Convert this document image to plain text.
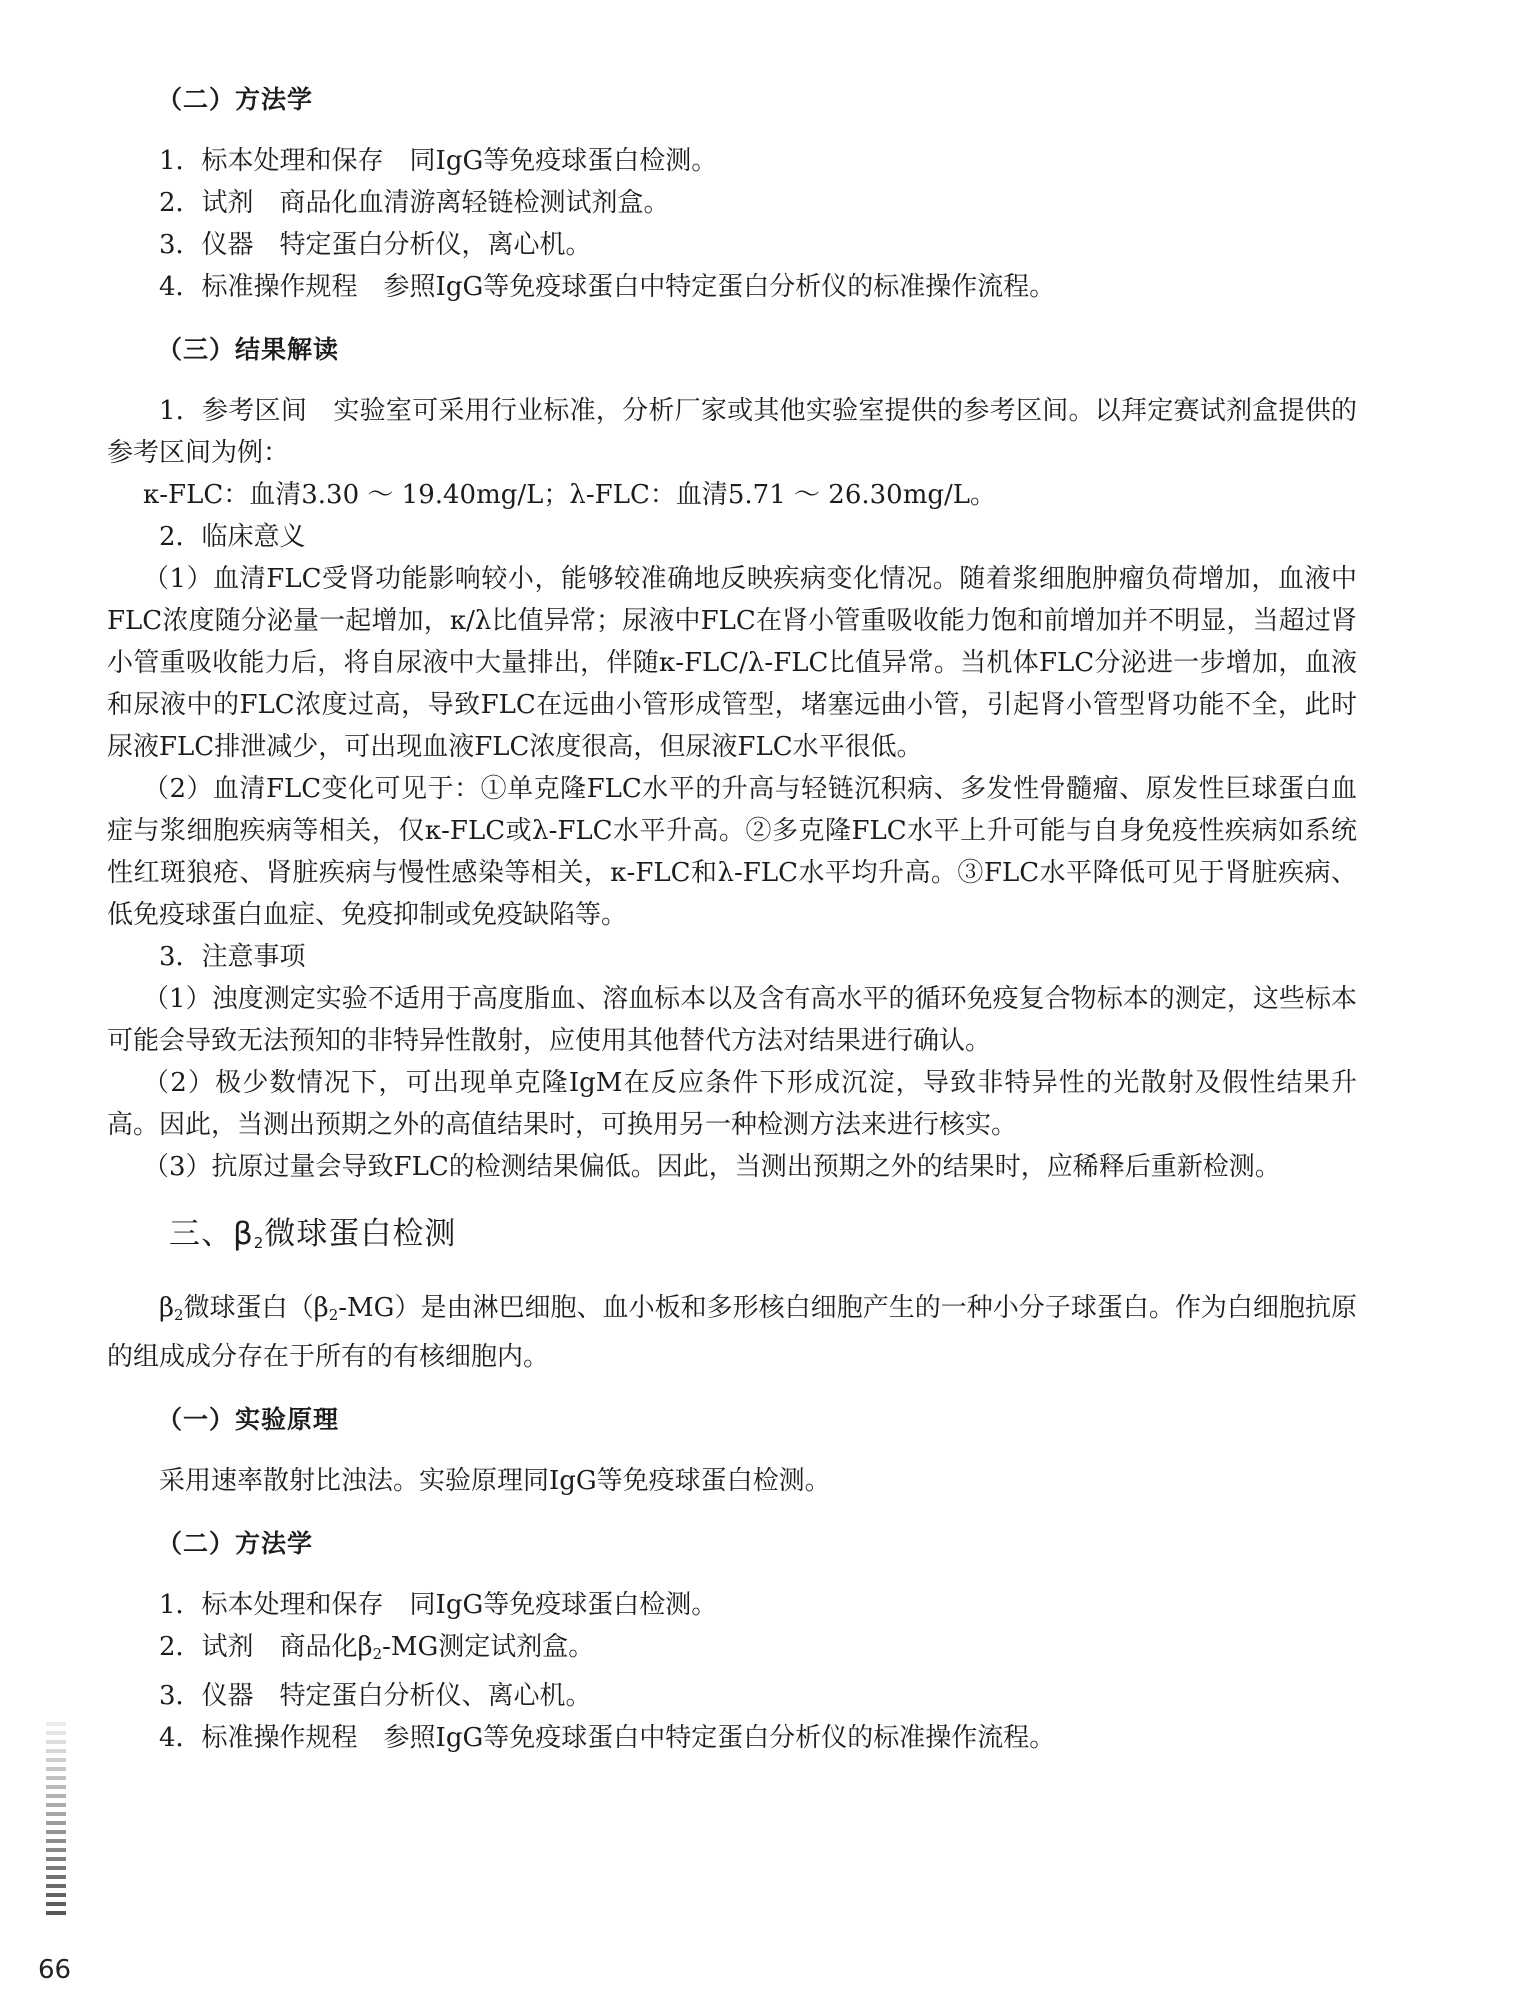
（二）方法学

1．标本处理和保存　同IgG等免疫球蛋白检测。

2．试剂　商品化血清游离轻链检测试剂盒。

3．仪器　特定蛋白分析仪，离心机。

4．标准操作规程　参照IgG等免疫球蛋白中特定蛋白分析仪的标准操作流程。

（三）结果解读

1．参考区间　实验室可采用行业标准，分析厂家或其他实验室提供的参考区间。以拜定赛试剂盒提供的参考区间为例：

κ-FLC：血清3.30 ～ 19.40mg/L；λ-FLC：血清5.71 ～ 26.30mg/L。

2．临床意义

（1）血清FLC受肾功能影响较小，能够较准确地反映疾病变化情况。随着浆细胞肿瘤负荷增加，血液中FLC浓度随分泌量一起增加，κ/λ比值异常；尿液中FLC在肾小管重吸收能力饱和前增加并不明显，当超过肾小管重吸收能力后，将自尿液中大量排出，伴随κ-FLC/λ-FLC比值异常。当机体FLC分泌进一步增加，血液和尿液中的FLC浓度过高，导致FLC在远曲小管形成管型，堵塞远曲小管，引起肾小管型肾功能不全，此时尿液FLC排泄减少，可出现血液FLC浓度很高，但尿液FLC水平很低。

（2）血清FLC变化可见于：①单克隆FLC水平的升高与轻链沉积病、多发性骨髓瘤、原发性巨球蛋白血症与浆细胞疾病等相关，仅κ-FLC或λ-FLC水平升高。②多克隆FLC水平上升可能与自身免疫性疾病如系统性红斑狼疮、肾脏疾病与慢性感染等相关，κ-FLC和λ-FLC水平均升高。③FLC水平降低可见于肾脏疾病、低免疫球蛋白血症、免疫抑制或免疫缺陷等。

3．注意事项

（1）浊度测定实验不适用于高度脂血、溶血标本以及含有高水平的循环免疫复合物标本的测定，这些标本可能会导致无法预知的非特异性散射，应使用其他替代方法对结果进行确认。

（2）极少数情况下，可出现单克隆IgM在反应条件下形成沉淀，导致非特异性的光散射及假性结果升高。因此，当测出预期之外的高值结果时，可换用另一种检测方法来进行核实。

（3）抗原过量会导致FLC的检测结果偏低。因此，当测出预期之外的结果时，应稀释后重新检测。

三、$\beta_2$微球蛋白检测

$\beta_2$微球蛋白$(\beta_2-MG)$是由淋巴细胞、血小板和多形核白细胞产生的一种小分子球蛋白。作为白细胞抗原的组成成分存在于所有的有核细胞内。

（一）实验原理

采用速率散射比浊法。实验原理同IgG等免疫球蛋白检测。

（二）方法学

1．标本处理和保存　同IgG等免疫球蛋白检测。

2．试剂　商品化$\beta_2-MG$测定试剂盒。

3．仪器　特定蛋白分析仪、离心机。

4．标准操作规程　参照IgG等免疫球蛋白中特定蛋白分析仪的标准操作流程。

66
